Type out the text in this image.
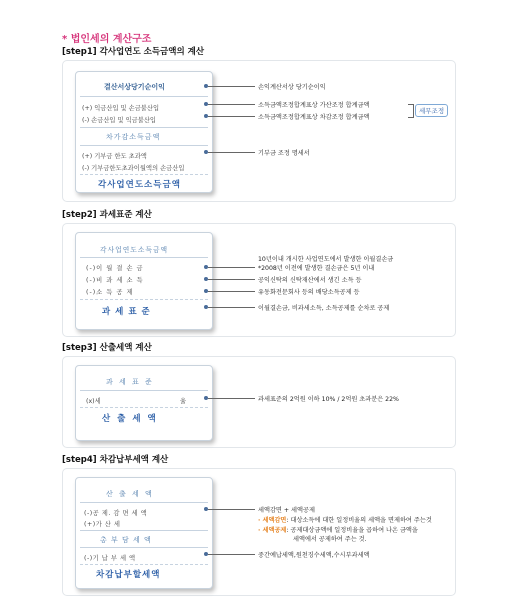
* 법인세의 계산구조
[step1] 각사업연도 소득금액의 계산
결산서상당기순이익
(+) 익금산입 및 손금불산입
(-) 손금산입 및 익금불산입
차가감소득금액
(+) 기부금 한도 초과액
(-) 기부금한도초과이월액의 손금산입
각사업연도소득금액
손익계산서상 당기순이익
소득금액조정합계표상 가산조정 합계금액
소득금액조정합계표상 차감조정 합계금액
세무조정
기부금 조정 명세서
[step2] 과세표준 계산
각사업연도소득금액
(-)이 월 결 손 금
(-)비 과 세 소 득
(-)소 득 공 제
과 세 표 준
10년이내 개시한 사업연도에서 발생한 이월결손금
*2008년 이전에 발생한 결손금은 5년 이내
공익신탁의 신탁재산에서 생긴 소득 등
유동화전문회사 등의 배당소득공제 등
이월결손금, 비과세소득, 소득공제를 순차로 공제
[step3] 산출세액 계산
과 세 표 준
(x)세	율
산 출 세 액
과세표준의 2억원 이하 10% / 2억원 초과분은 22%
[step4] 차감납부세액 계산
산 출 세 액
(-)공 제. 감 면 세 액
(+)가 산 세
총 부 담 세 액
(-)기 납 부 세 액
차감납부할세액
세액감면 + 세액공제
· 세액감면: 대상소득에 대한 일정비율의 세액을 면제하여 주는것
· 세액공제: 공제대상금액에 일정비율을 곱하여 나온 금액을
세액에서 공제하여 주는 것.
중간예납세액,원천징수세액,수시부과세액
